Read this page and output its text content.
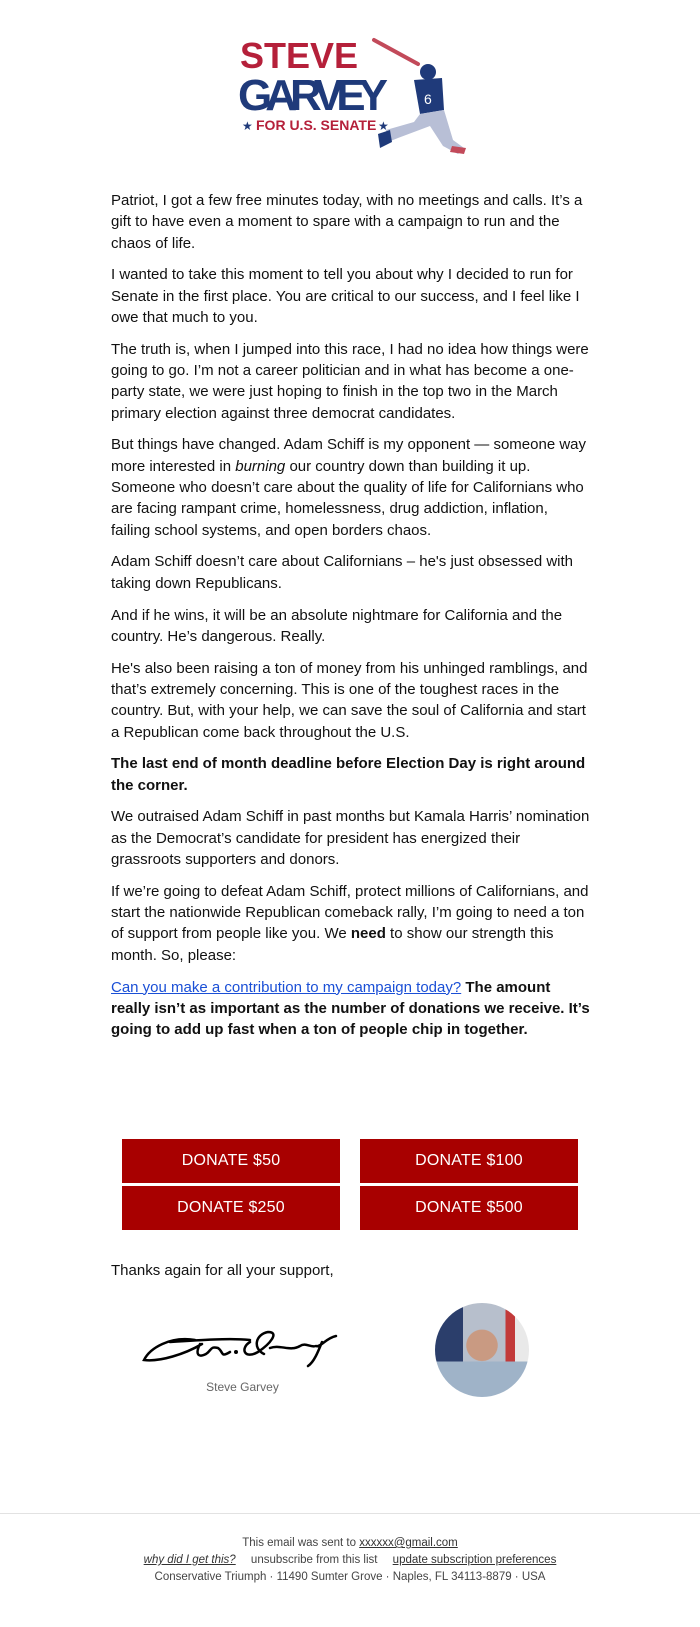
STEVE
GARVEY
★ FOR U.S. SENATE ★
6

Patriot, I got a few free minutes today, with no meetings and calls. It’s a gift to have even a moment to spare with a campaign to run and the chaos of life.

I wanted to take this moment to tell you about why I decided to run for Senate in the first place. You are critical to our success, and I feel like I owe that much to you.

The truth is, when I jumped into this race, I had no idea how things were going to go. I’m not a career politician and in what has become a one-party state, we were just hoping to finish in the top two in the March primary election against three democrat candidates.

But things have changed. Adam Schiff is my opponent — someone way more interested in burning our country down than building it up. Someone who doesn’t care about the quality of life for Californians who are facing rampant crime, homelessness, drug addiction, inflation, failing school systems, and open borders chaos.

Adam Schiff doesn’t care about Californians – he's just obsessed with taking down Republicans.

And if he wins, it will be an absolute nightmare for California and the country. He’s dangerous. Really.

He's also been raising a ton of money from his unhinged ramblings, and that’s extremely concerning. This is one of the toughest races in the country. But, with your help, we can save the soul of California and start a Republican come back throughout the U.S.

The last end of month deadline before Election Day is right around the corner.

We outraised Adam Schiff in past months but Kamala Harris’ nomination as the Democrat’s candidate for president has energized their grassroots supporters and donors.

If we’re going to defeat Adam Schiff, protect millions of Californians, and start the nationwide Republican comeback rally, I’m going to need a ton of support from people like you. We need to show our strength this month. So, please:

Can you make a contribution to my campaign today? The amount really isn’t as important as the number of donations we receive. It’s going to add up fast when a ton of people chip in together.

DONATE $50	DONATE $100
DONATE $250	DONATE $500
Thanks again for all your support,
Steve Garvey
This email was sent to xxxxxx@gmail.com
why did I get this? unsubscribe from this list update subscription preferences
Conservative Triumph · 11490 Sumter Grove · Naples, FL 34113-8879 · USA
